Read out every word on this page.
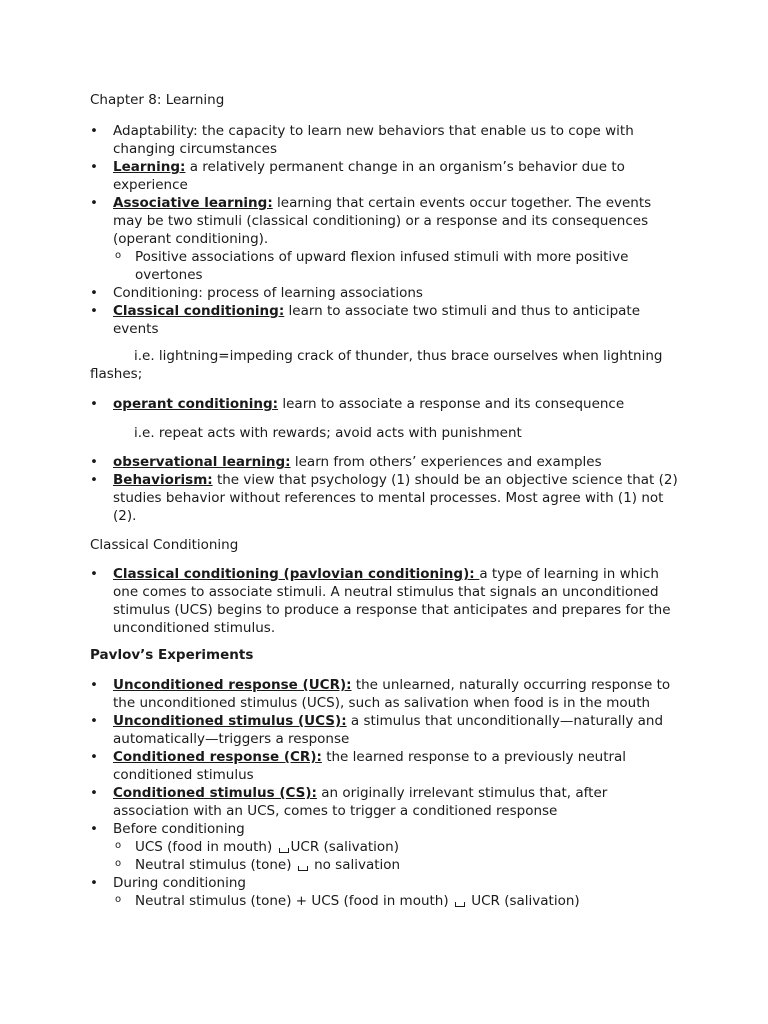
Chapter 8: Learning

• Adaptability: the capacity to learn new behaviors that enable us to cope with changing circumstances
• Learning: a relatively permanent change in an organism’s behavior due to experience
• Associative learning: learning that certain events occur together. The events may be two stimuli (classical conditioning) or a response and its consequences (operant conditioning).
o Positive associations of upward flexion infused stimuli with more positive overtones
• Conditioning: process of learning associations
• Classical conditioning: learn to associate two stimuli and thus to anticipate events

i.e. lightning=impeding crack of thunder, thus brace ourselves when lightning flashes;

• operant conditioning: learn to associate a response and its consequence

i.e. repeat acts with rewards; avoid acts with punishment

• observational learning: learn from others’ experiences and examples
• Behaviorism: the view that psychology (1) should be an objective science that (2) studies behavior without references to mental processes. Most agree with (1) not (2).

Classical Conditioning

• Classical conditioning (pavlovian conditioning): a type of learning in which one comes to associate stimuli. A neutral stimulus that signals an unconditioned stimulus (UCS) begins to produce a response that anticipates and prepares for the unconditioned stimulus.

Pavlov’s Experiments

• Unconditioned response (UCR): the unlearned, naturally occurring response to the unconditioned stimulus (UCS), such as salivation when food is in the mouth
• Unconditioned stimulus (UCS): a stimulus that unconditionally—naturally and automatically—triggers a response
• Conditioned response (CR): the learned response to a previously neutral conditioned stimulus
• Conditioned stimulus (CS): an originally irrelevant stimulus that, after association with an UCS, comes to trigger a conditioned response
• Before conditioning
o UCS (food in mouth) UCR (salivation)
o Neutral stimulus (tone)  no salivation
• During conditioning
o Neutral stimulus (tone) + UCS (food in mouth)  UCR (salivation)
